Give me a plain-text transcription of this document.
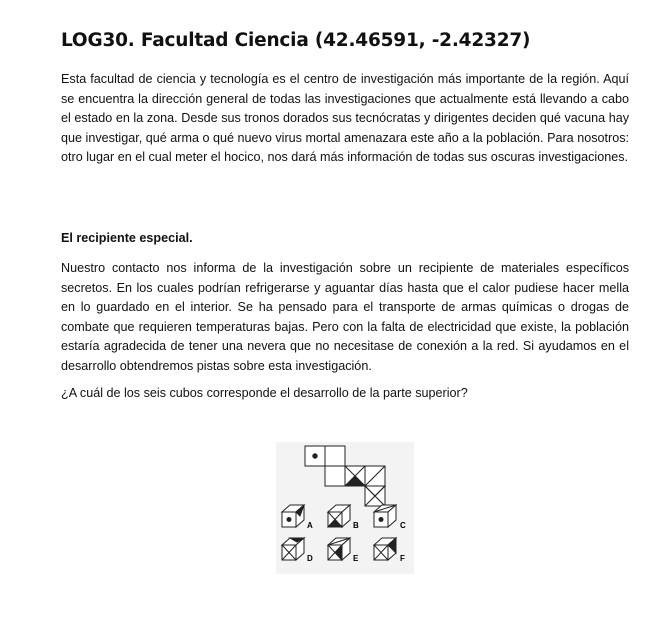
LOG30. Facultad Ciencia (42.46591, -2.42327)

Esta facultad de ciencia y tecnología es el centro de investigación más importante de la región. Aquí se encuentra la dirección general de todas las investigaciones que actualmente está llevando a cabo el estado en la zona. Desde sus tronos dorados sus tecnócratas y dirigentes deciden qué vacuna hay que investigar, qué arma o qué nuevo virus mortal amenazara este año a la población. Para nosotros: otro lugar en el cual meter el hocico, nos dará más información de todas sus oscuras investigaciones.

El recipiente especial.

Nuestro contacto nos informa de la investigación sobre un recipiente de materiales específicos secretos. En los cuales podrían refrigerarse y aguantar días hasta que el calor pudiese hacer mella en lo guardado en el interior. Se ha pensado para el transporte de armas químicas o drogas de combate que requieren temperaturas bajas. Pero con la falta de electricidad que existe, la población estaría agradecida de tener una nevera que no necesitase de conexión a la red. Si ayudamos en el desarrollo obtendremos pistas sobre esta investigación.

¿A cuál de los seis cubos corresponde el desarrollo de la parte superior?

A	B	C
D	E	F
